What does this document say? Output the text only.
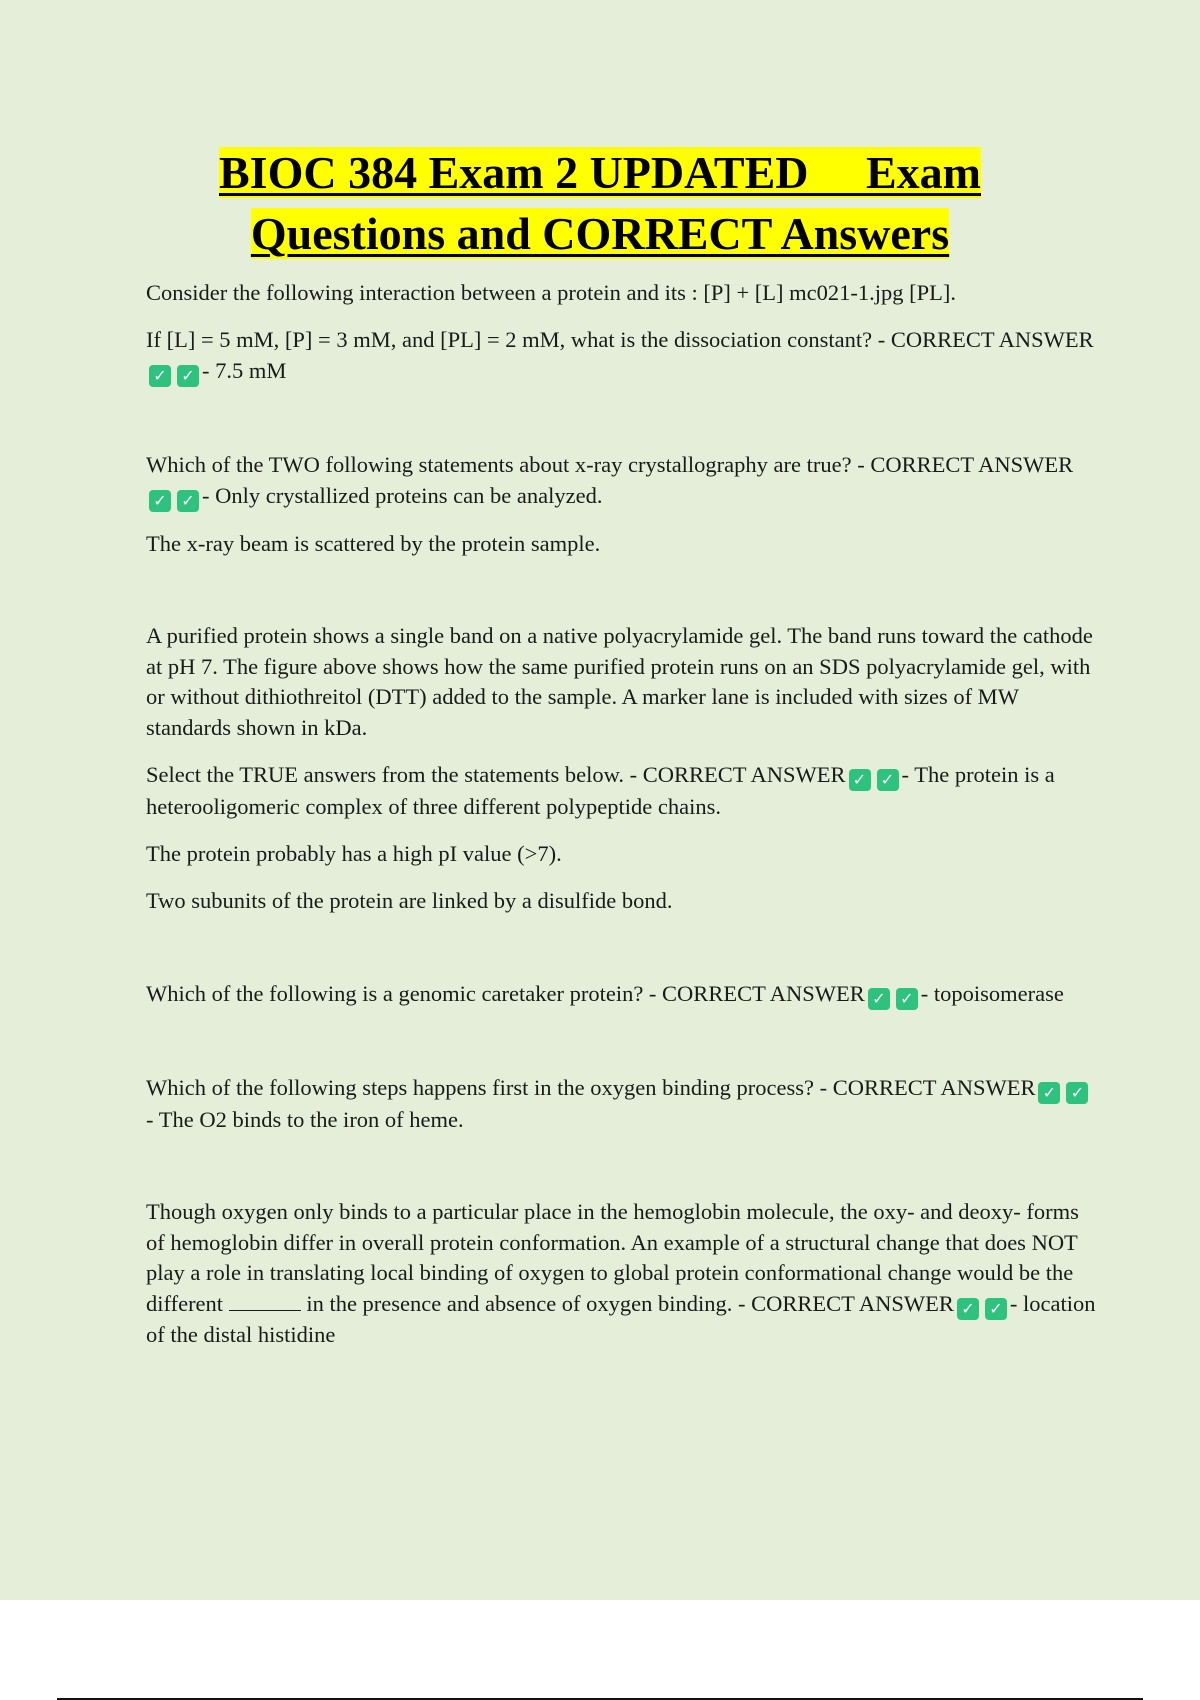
BIOC 384 Exam 2 UPDATED     Exam
Questions and CORRECT Answers

Consider the following interaction between a protein and its : [P] + [L] mc021-1.jpg [PL].

If [L] = 5 mM, [P] = 3 mM, and [PL] = 2 mM, what is the dissociation constant? - CORRECT ANSWER✓ ✓ - 7.5 mM

Which of the TWO following statements about x-ray crystallography are true? - CORRECT ANSWER✓ ✓ - Only crystallized proteins can be analyzed.

The x-ray beam is scattered by the protein sample.

A purified protein shows a single band on a native polyacrylamide gel. The band runs toward the cathode at pH 7. The figure above shows how the same purified protein runs on an SDS polyacrylamide gel, with or without dithiothreitol (DTT) added to the sample. A marker lane is included with sizes of MW standards shown in kDa.

Select the TRUE answers from the statements below. - CORRECT ANSWER ✓ ✓ - The protein is a heterooligomeric complex of three different polypeptide chains.

The protein probably has a high pI value (>7).

Two subunits of the protein are linked by a disulfide bond.

Which of the following is a genomic caretaker protein? - CORRECT ANSWER ✓ ✓ - topoisomerase

Which of the following steps happens first in the oxygen binding process? - CORRECT ANSWER ✓ ✓- The O2 binds to the iron of heme.

Though oxygen only binds to a particular place in the hemoglobin molecule, the oxy- and deoxy- forms of hemoglobin differ in overall protein conformation. An example of a structural change that does NOT play a role in translating local binding of oxygen to global protein conformational change would be the different	in the presence and absence of oxygen binding. - CORRECT ANSWER ✓ ✓ - location of the distal histidine
